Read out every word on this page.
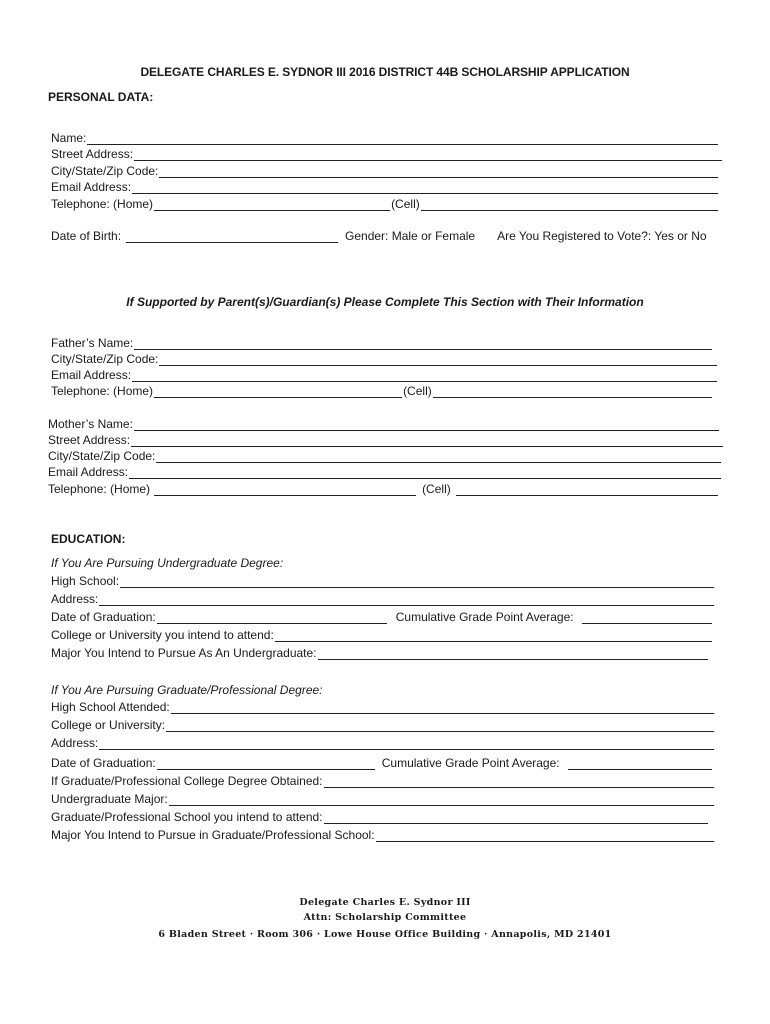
DELEGATE CHARLES E. SYDNOR III 2016 DISTRICT 44B SCHOLARSHIP APPLICATION
PERSONAL DATA:
Name:
Street Address:
City/State/Zip Code:
Email Address:
Telephone: (Home)	(Cell)
Date of Birth:	Gender: Male or Female Are You Registered to Vote?: Yes or No
If Supported by Parent(s)/Guardian(s) Please Complete This Section with Their Information
Father’s Name:
City/State/Zip Code:
Email Address:
Telephone: (Home)	(Cell)
Mother’s Name:
Street Address:
City/State/Zip Code:
Email Address:
Telephone: (Home)	(Cell)
EDUCATION:
If You Are Pursuing Undergraduate Degree:
High School:
Address:
Date of Graduation:	Cumulative Grade Point Average:
College or University you intend to attend:
Major You Intend to Pursue As An Undergraduate:
If You Are Pursuing Graduate/Professional Degree:
High School Attended:
College or University:
Address:
Date of Graduation:	Cumulative Grade Point Average:
If Graduate/Professional College Degree Obtained:
Undergraduate Major:
Graduate/Professional School you intend to attend:
Major You Intend to Pursue in Graduate/Professional School:
Delegate Charles E. Sydnor III
Attn: Scholarship Committee
6 Bladen Street · Room 306 · Lowe House Office Building · Annapolis, MD 21401
